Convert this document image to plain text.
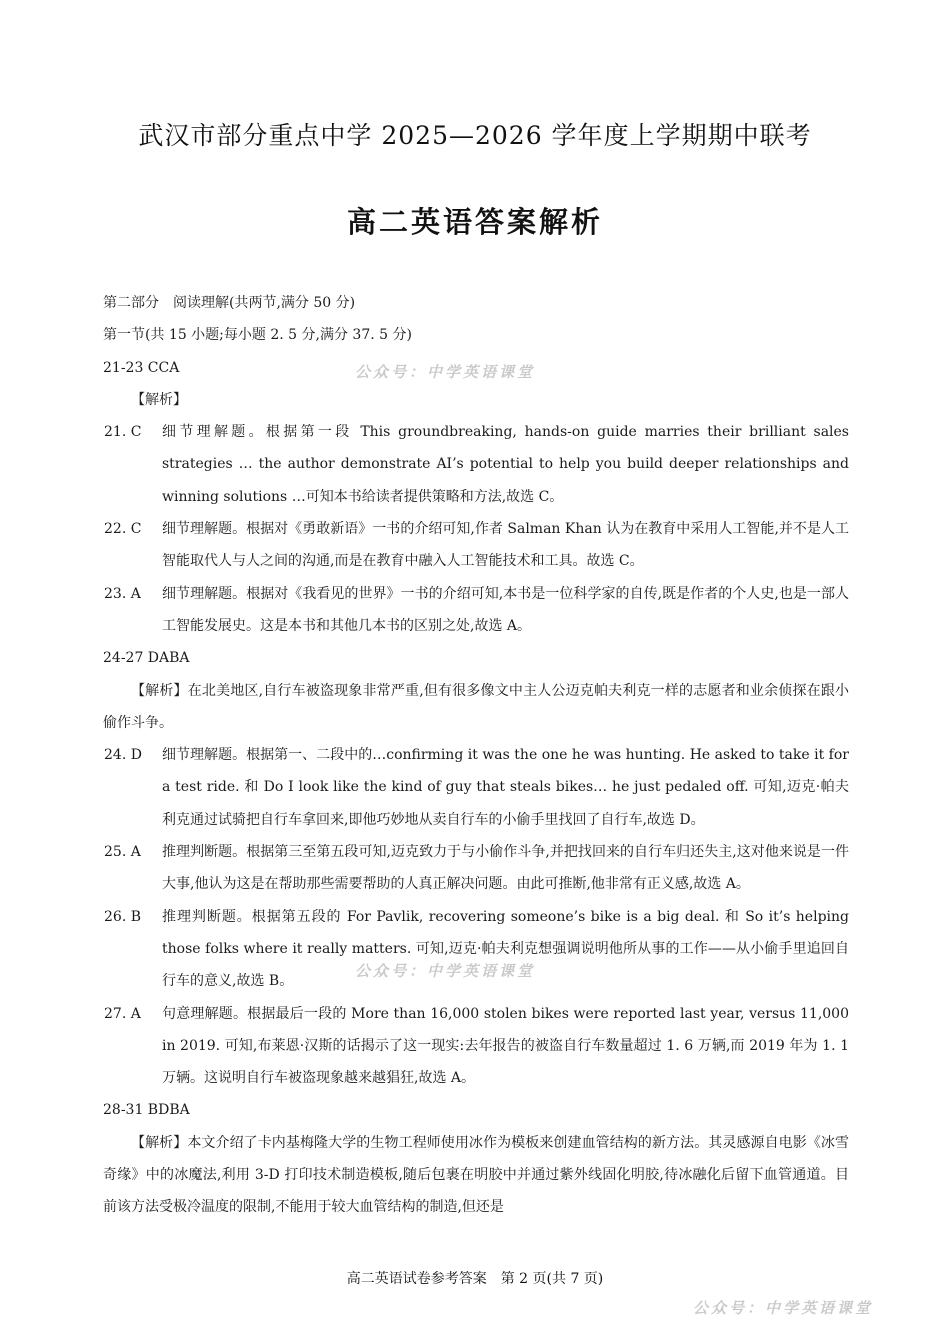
武汉市部分重点中学 2025—2026 学年度上学期期中联考
高二英语答案解析
第二部分　阅读理解(共两节,满分 50 分)
第一节(共 15 小题;每小题 2. 5 分,满分 37. 5 分)
21-23 CCA
【解析】
21. C	细节理解题。根据第一段 This groundbreaking, hands-on guide marries their brilliant sales strategies … the author demonstrate AI’s potential to help you build deeper relationships and winning solutions …可知本书给读者提供策略和方法,故选 C。
22. C	细节理解题。根据对《勇敢新语》一书的介绍可知,作者 Salman Khan 认为在教育中采用人工智能,并不是人工智能取代人与人之间的沟通,而是在教育中融入人工智能技术和工具。故选 C。
23. A	细节理解题。根据对《我看见的世界》一书的介绍可知,本书是一位科学家的自传,既是作者的个人史,也是一部人工智能发展史。这是本书和其他几本书的区别之处,故选 A。
24-27 DABA
【解析】在北美地区,自行车被盗现象非常严重,但有很多像文中主人公迈克帕夫利克一样的志愿者和业余侦探在跟小偷作斗争。
24. D	细节理解题。根据第一、二段中的…confirming it was the one he was hunting. He asked to take it for a test ride. 和 Do I look like the kind of guy that steals bikes… he just pedaled off. 可知,迈克·帕夫利克通过试骑把自行车拿回来,即他巧妙地从卖自行车的小偷手里找回了自行车,故选 D。
25. A	推理判断题。根据第三至第五段可知,迈克致力于与小偷作斗争,并把找回来的自行车归还失主,这对他来说是一件大事,他认为这是在帮助那些需要帮助的人真正解决问题。由此可推断,他非常有正义感,故选 A。
26. B	推理判断题。根据第五段的 For Pavlik, recovering someone’s bike is a big deal. 和 So it’s helping those folks where it really matters. 可知,迈克·帕夫利克想强调说明他所从事的工作——从小偷手里追回自行车的意义,故选 B。
27. A	句意理解题。根据最后一段的 More than 16,000 stolen bikes were reported last year, versus 11,000 in 2019. 可知,布莱恩·汉斯的话揭示了这一现实:去年报告的被盗自行车数量超过 1. 6 万辆,而 2019 年为 1. 1 万辆。这说明自行车被盗现象越来越猖狂,故选 A。
28-31 BDBA
【解析】本文介绍了卡内基梅隆大学的生物工程师使用冰作为模板来创建血管结构的新方法。其灵感源自电影《冰雪奇缘》中的冰魔法,利用 3-D 打印技术制造模板,随后包裹在明胶中并通过紫外线固化明胶,待冰融化后留下血管通道。目前该方法受极冷温度的限制,不能用于较大血管结构的制造,但还是
公众号：中学英语课堂
公众号：中学英语课堂
公众号：中学英语课堂
高二英语试卷参考答案　第 2 页(共 7 页)
